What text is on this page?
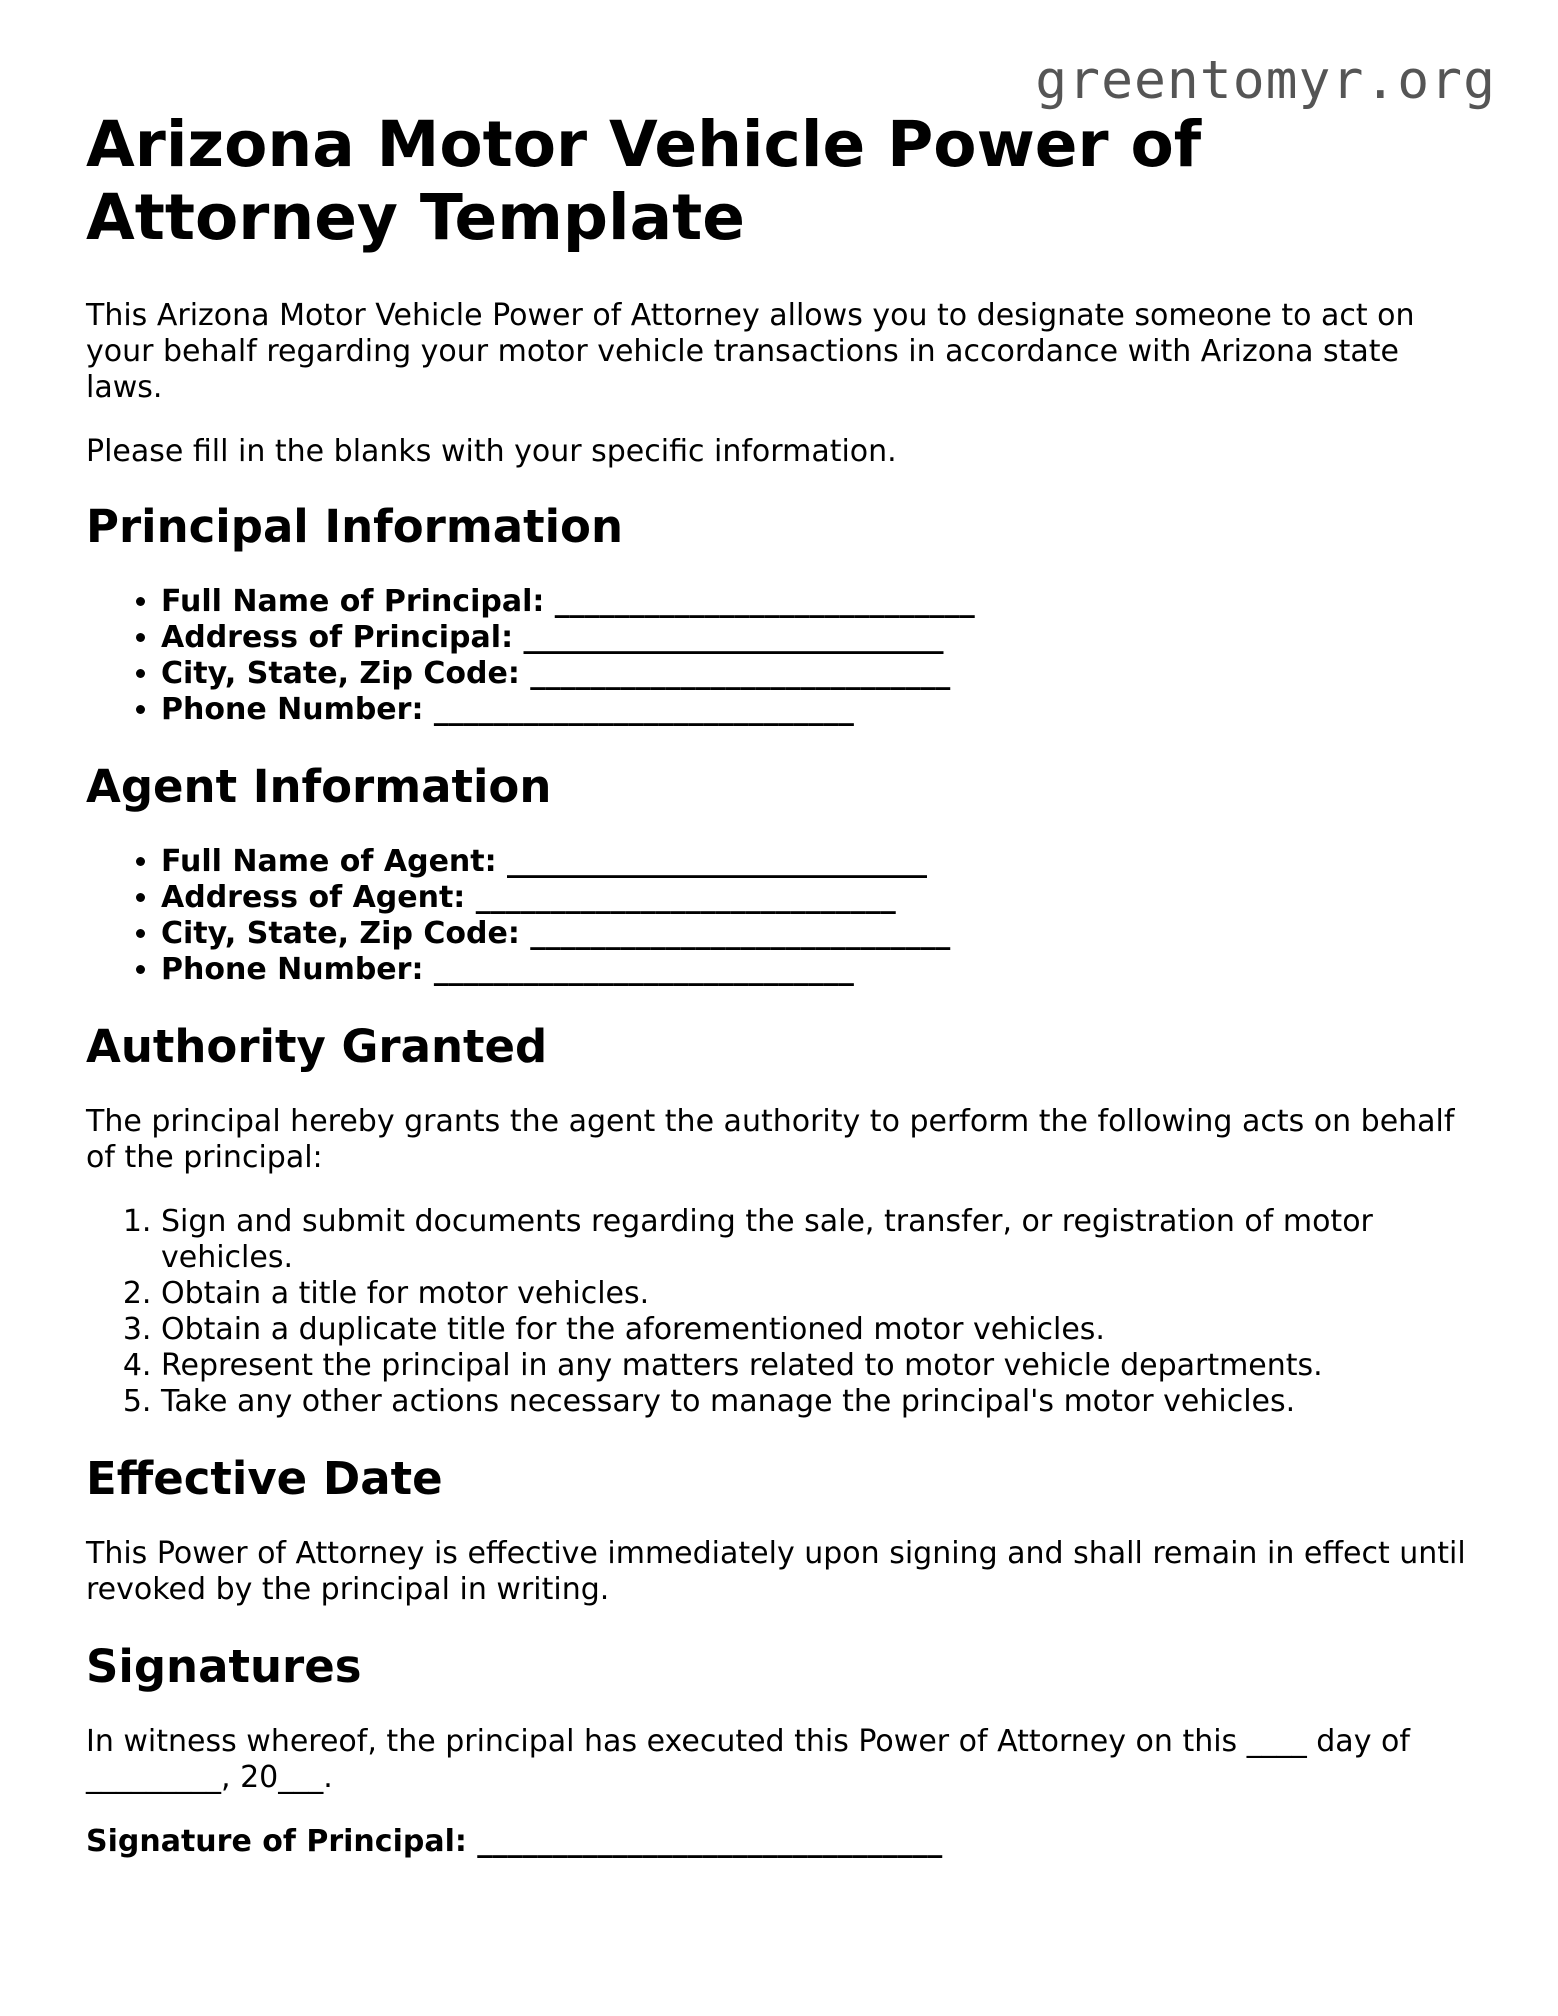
greentomyr.org
Arizona Motor Vehicle Power of Attorney Template

This Arizona Motor Vehicle Power of Attorney allows you to designate someone to act on your behalf regarding your motor vehicle transactions in accordance with Arizona state laws.

Please fill in the blanks with your specific information.

Principal Information
• Full Name of Principal: ____________________________
• Address of Principal: ____________________________
• City, State, Zip Code: ____________________________
• Phone Number: ____________________________
Agent Information
• Full Name of Agent: ____________________________
• Address of Agent: ____________________________
• City, State, Zip Code: ____________________________
• Phone Number: ____________________________
Authority Granted

The principal hereby grants the agent the authority to perform the following acts on behalf of the principal:

1. Sign and submit documents regarding the sale, transfer, or registration of motor vehicles.
2. Obtain a title for motor vehicles.
3. Obtain a duplicate title for the aforementioned motor vehicles.
4. Represent the principal in any matters related to motor vehicle departments.
5. Take any other actions necessary to manage the principal's motor vehicles.
Effective Date

This Power of Attorney is effective immediately upon signing and shall remain in effect until revoked by the principal in writing.

Signatures

In witness whereof, the principal has executed this Power of Attorney on this ____ day of _________, 20___.

Signature of Principal: _______________________________
